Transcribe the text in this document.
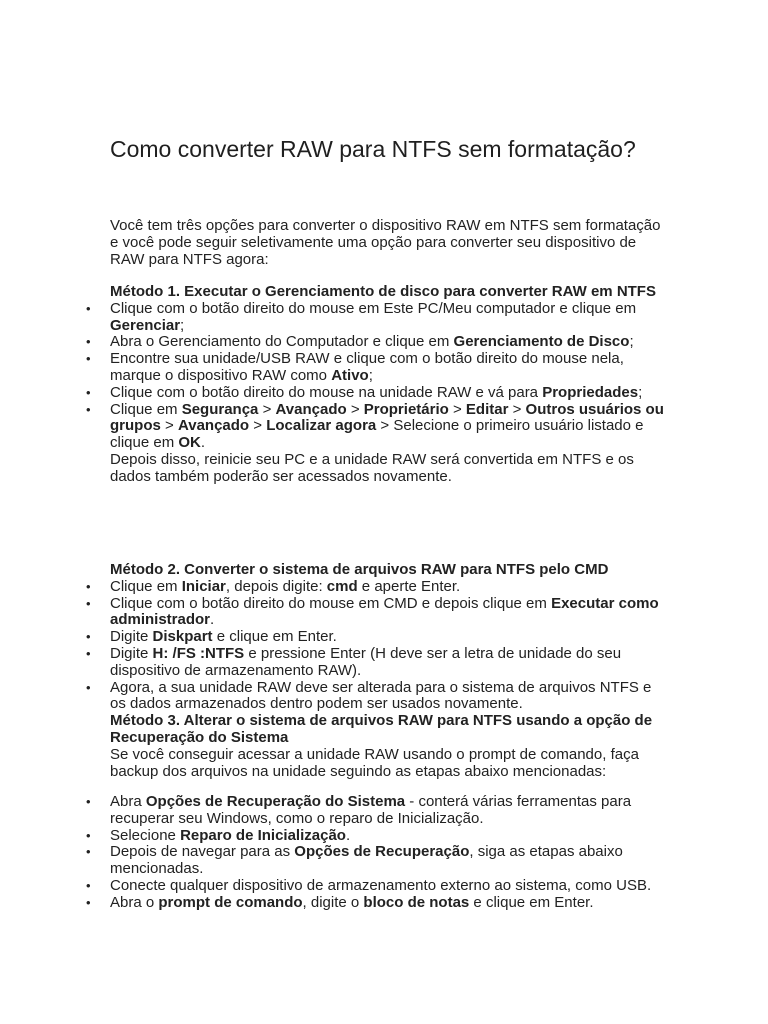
Como converter RAW para NTFS sem formatação?

Você tem três opções para converter o dispositivo RAW em NTFS sem formatação e você pode seguir seletivamente uma opção para converter seu dispositivo de RAW para NTFS agora:

Método 1. Executar o Gerenciamento de disco para converter RAW em NTFS

• Clique com o botão direito do mouse em Este PC/Meu computador e clique em Gerenciar;
• Abra o Gerenciamento do Computador e clique em Gerenciamento de Disco;
• Encontre sua unidade/USB RAW e clique com o botão direito do mouse nela, marque o dispositivo RAW como Ativo;
• Clique com o botão direito do mouse na unidade RAW e vá para Propriedades;
• Clique em Segurança > Avançado > Proprietário > Editar > Outros usuários ou grupos > Avançado > Localizar agora > Selecione o primeiro usuário listado e clique em OK.

Depois disso, reinicie seu PC e a unidade RAW será convertida em NTFS e os dados também poderão ser acessados novamente.

Método 2. Converter o sistema de arquivos RAW para NTFS pelo CMD

• Clique em Iniciar, depois digite: cmd e aperte Enter.
• Clique com o botão direito do mouse em CMD e depois clique em Executar como administrador.
• Digite Diskpart e clique em Enter.
• Digite H: /FS :NTFS e pressione Enter (H deve ser a letra de unidade do seu dispositivo de armazenamento RAW).
• Agora, a sua unidade RAW deve ser alterada para o sistema de arquivos NTFS e os dados armazenados dentro podem ser usados novamente.

Método 3. Alterar o sistema de arquivos RAW para NTFS usando a opção de Recuperação do Sistema

Se você conseguir acessar a unidade RAW usando o prompt de comando, faça backup dos arquivos na unidade seguindo as etapas abaixo mencionadas:

• Abra Opções de Recuperação do Sistema - conterá várias ferramentas para recuperar seu Windows, como o reparo de Inicialização.
• Selecione Reparo de Inicialização.
• Depois de navegar para as Opções de Recuperação, siga as etapas abaixo mencionadas.
• Conecte qualquer dispositivo de armazenamento externo ao sistema, como USB.
• Abra o prompt de comando, digite o bloco de notas e clique em Enter.
